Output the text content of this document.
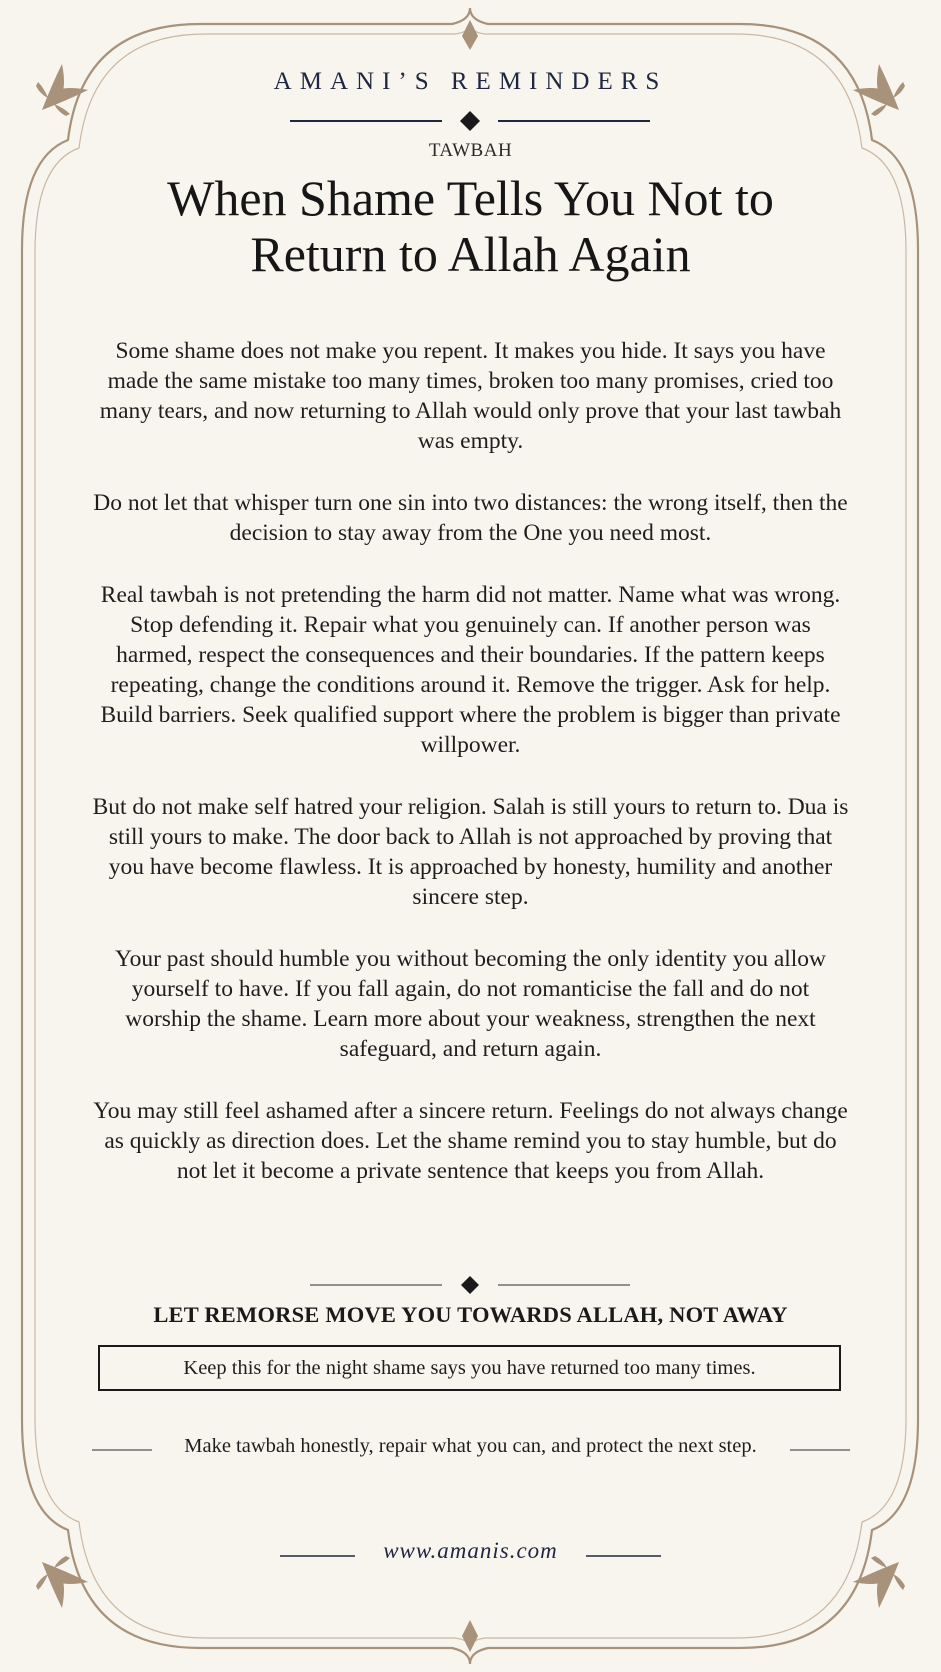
AMANI’S REMINDERS
TAWBAH
When Shame Tells You Not to
Return to Allah Again

Some shame does not make you repent. It makes you hide. It says you have made the same mistake too many times, broken too many promises, cried too many tears, and now returning to Allah would only prove that your last tawbah was empty.

Do not let that whisper turn one sin into two distances: the wrong itself, then the decision to stay away from the One you need most.

Real tawbah is not pretending the harm did not matter. Name what was wrong. Stop defending it. Repair what you genuinely can. If another person was harmed, respect the consequences and their boundaries. If the pattern keeps repeating, change the conditions around it. Remove the trigger. Ask for help. Build barriers. Seek qualified support where the problem is bigger than private willpower.

But do not make self hatred your religion. Salah is still yours to return to. Dua is still yours to make. The door back to Allah is not approached by proving that you have become flawless. It is approached by honesty, humility and another sincere step.

Your past should humble you without becoming the only identity you allow yourself to have. If you fall again, do not romanticise the fall and do not worship the shame. Learn more about your weakness, strengthen the next safeguard, and return again.

You may still feel ashamed after a sincere return. Feelings do not always change as quickly as direction does. Let the shame remind you to stay humble, but do not let it become a private sentence that keeps you from Allah.

LET REMORSE MOVE YOU TOWARDS ALLAH, NOT AWAY
Keep this for the night shame says you have returned too many times.
Make tawbah honestly, repair what you can, and protect the next step.
www.amanis.com
